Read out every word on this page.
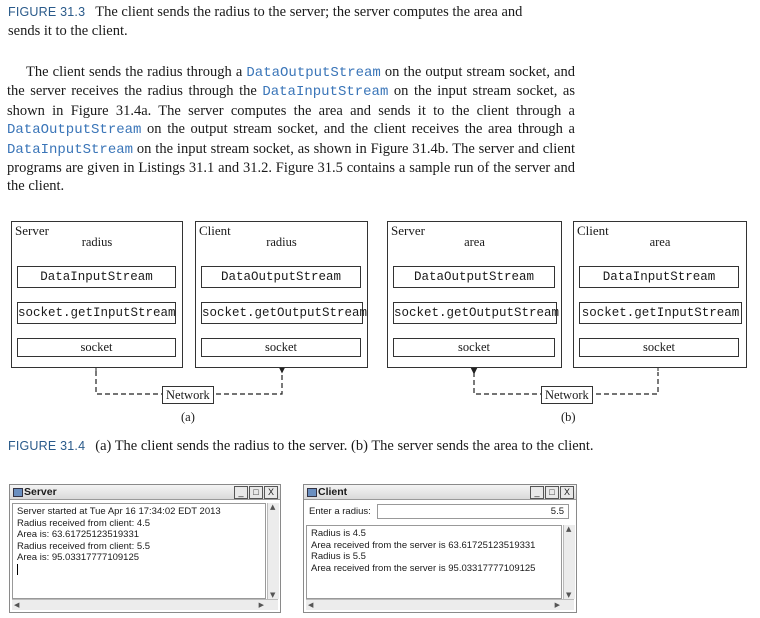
FIGURE 31.3 The client sends the radius to the server; the server computes the area and
sends it to the client.
The client sends the radius through a DataOutputStream on the output stream socket, and the server receives the radius through the DataInputStream on the input stream socket, as shown in Figure 31.4a. The server computes the area and sends it to the client through a DataOutputStream on the output stream socket, and the client receives the area through a DataInputStream on the input stream socket, as shown in Figure 31.4b. The server and client programs are given in Listings 31.1 and 31.2. Figure 31.5 contains a sample run of the server and the client.
Server
radius
DataInputStream
socket.getInputStream
socket
Client
radius
DataOutputStream
socket.getOutputStream
socket
Server
area
DataOutputStream
socket.getOutputStream
socket
Client
area
DataInputStream
socket.getInputStream
socket
Network	Network
(a)	(b)
FIGURE 31.4 (a) The client sends the radius to the server. (b) The server sends the area to the client.
Server	_ □ X
Server started at Tue Apr 16 17:34:02 EDT 2013
Radius received from client: 4.5
Area is: 63.61725123519331
Radius received from client: 5.5
Area is: 95.03317777109125
▲
▼
◀	▶
Client	_ □ X
Enter a radius:	5.5
Radius is 4.5
Area received from the server is 63.61725123519331
Radius is 5.5
Area received from the server is 95.03317777109125
▲
▼
◀	▶
